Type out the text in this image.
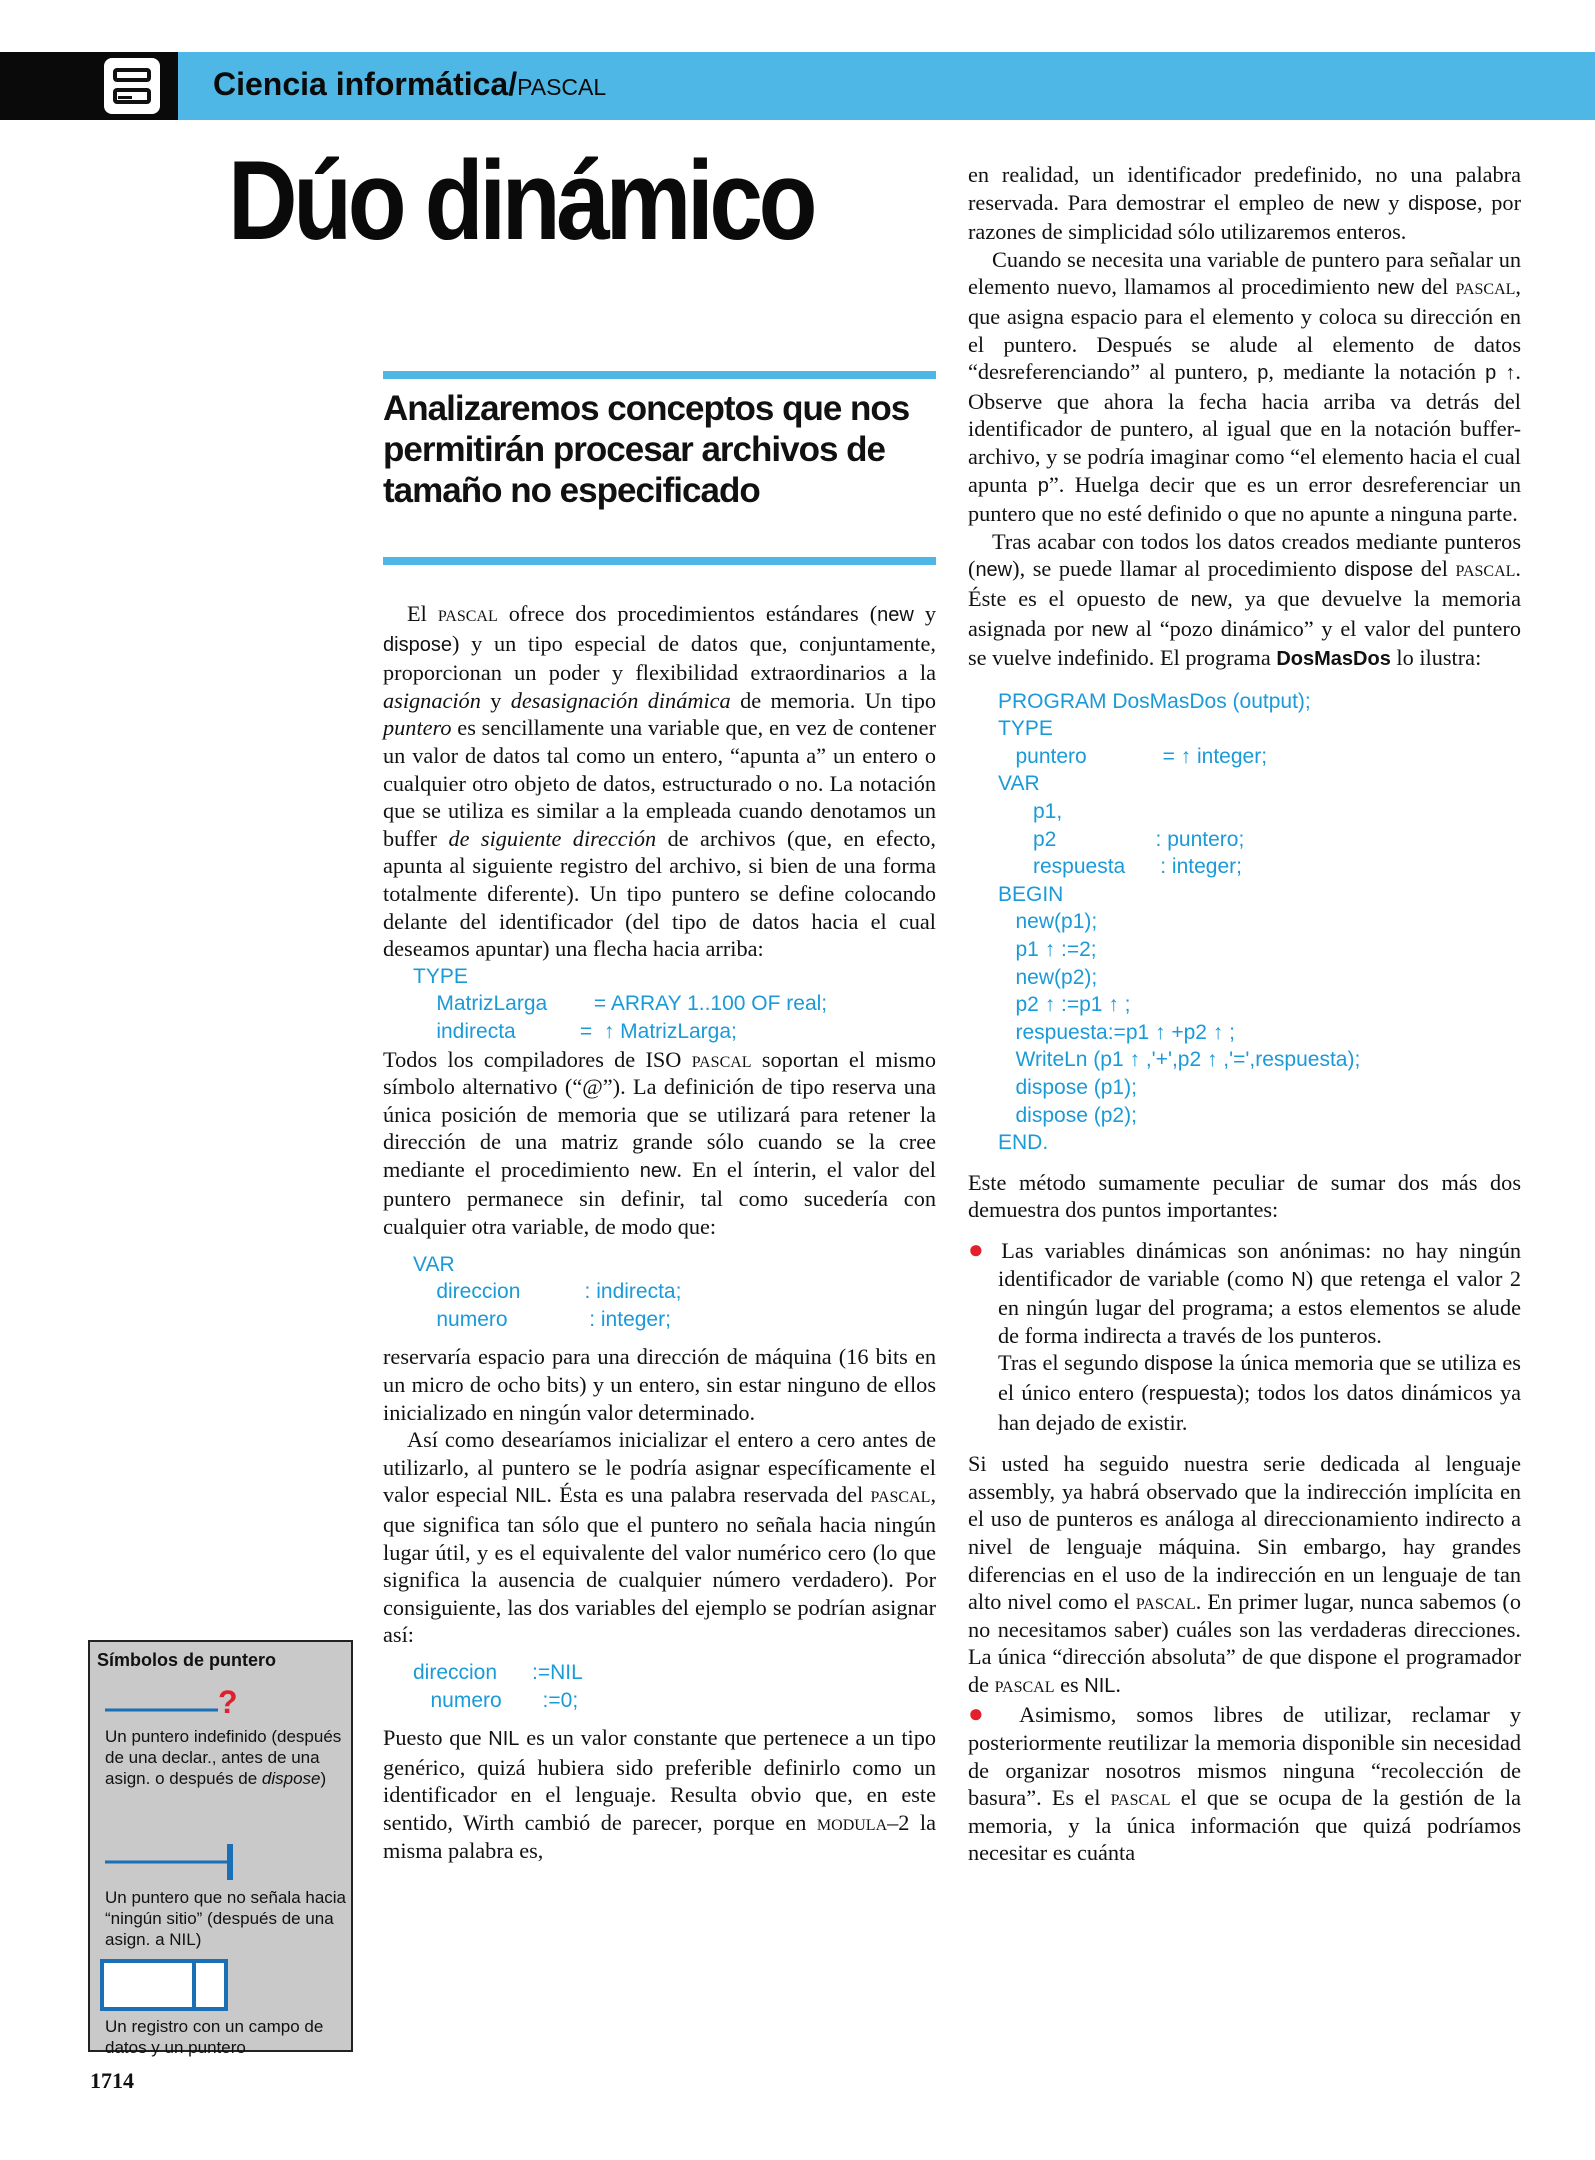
Ciencia informática/PASCAL
Dúo dinámico
Analizaremos conceptos que nos permitirán procesar archivos de tamaño no especificado

El pascal ofrece dos procedimientos estándares (new y dispose) y un tipo especial de datos que, conjuntamente, proporcionan un poder y flexibilidad extraordinarios a la asignación y desasignación dinámica de memoria. Un tipo puntero es sencillamente una variable que, en vez de contener un valor de datos tal como un entero, “apunta a” un entero o cualquier otro objeto de datos, estructurado o no. La notación que se utiliza es similar a la empleada cuando denotamos un buffer de siguiente dirección de archivos (que, en efecto, apunta al siguiente registro del archivo, si bien de una forma totalmente diferente). Un tipo puntero se define colocando delante del identificador (del tipo de datos hacia el cual deseamos apuntar) una flecha hacia arriba:

TYPE
MatrizLarga        = ARRAY 1..100 OF real;
indirecta           =  ↑ MatrizLarga;

Todos los compiladores de ISO pascal soportan el mismo símbolo alternativo (“@”). La definición de tipo reserva una única posición de memoria que se utilizará para retener la dirección de una matriz grande sólo cuando se la cree mediante el procedimiento new. En el ínterin, el valor del puntero permanece sin definir, tal como sucedería con cualquier otra variable, de modo que:

VAR
direccion           : indirecta;
numero              : integer;

reservaría espacio para una dirección de máquina (16 bits en un micro de ocho bits) y un entero, sin estar ninguno de ellos inicializado en ningún valor determinado.

Así como desearíamos inicializar el entero a cero antes de utilizarlo, al puntero se le podría asignar específicamente el valor especial NIL. Ésta es una palabra reservada del pascal, que significa tan sólo que el puntero no señala hacia ningún lugar útil, y es el equivalente del valor numérico cero (lo que significa la ausencia de cualquier número verdadero). Por consiguiente, las dos variables del ejemplo se podrían asignar así:

direccion      :=NIL
numero       :=0;

Puesto que NIL es un valor constante que pertenece a un tipo genérico, quizá hubiera sido preferible definirlo como un identificador en el lenguaje. Resulta obvio que, en este sentido, Wirth cambió de parecer, porque en modula–2 la misma palabra es,

en realidad, un identificador predefinido, no una palabra reservada. Para demostrar el empleo de new y dispose, por razones de simplicidad sólo utilizaremos enteros.

Cuando se necesita una variable de puntero para señalar un elemento nuevo, llamamos al procedimiento new del pascal, que asigna espacio para el elemento y coloca su dirección en el puntero. Después se alude al elemento de datos “desreferenciando” al puntero, p, mediante la notación p ↑. Observe que ahora la fecha hacia arriba va detrás del identificador de puntero, al igual que en la notación buffer-archivo, y se podría imaginar como “el elemento hacia el cual apunta p”. Huelga decir que es un error desreferenciar un puntero que no esté definido o que no apunte a ninguna parte.

Tras acabar con todos los datos creados mediante punteros (new), se puede llamar al procedimiento dispose del pascal. Éste es el opuesto de new, ya que devuelve la memoria asignada por new al “pozo dinámico” y el valor del puntero se vuelve indefinido. El programa DosMasDos lo ilustra:

PROGRAM DosMasDos (output);
TYPE
puntero             = ↑ integer;
VAR
p1,
p2                 : puntero;
respuesta      : integer;
BEGIN
new(p1);
p1 ↑ :=2;
new(p2);
p2 ↑ :=p1 ↑ ;
respuesta:=p1 ↑ +p2 ↑ ;
WriteLn (p1 ↑ ,'+',p2 ↑ ,'=',respuesta);
dispose (p1);
dispose (p2);
END.

Este método sumamente peculiar de sumar dos más dos demuestra dos puntos importantes:

● Las variables dinámicas son anónimas: no hay ningún identificador de variable (como N) que retenga el valor 2 en ningún lugar del programa; a estos elementos se alude de forma indirecta a través de los punteros.

Tras el segundo dispose la única memoria que se utiliza es el único entero (respuesta); todos los datos dinámicos ya han dejado de existir.

Si usted ha seguido nuestra serie dedicada al lenguaje assembly, ya habrá observado que la indirección implícita en el uso de punteros es análoga al direccionamiento indirecto a nivel de lenguaje máquina. Sin embargo, hay grandes diferencias en el uso de la indirección en un lenguaje de tan alto nivel como el pascal. En primer lugar, nunca sabemos (o no necesitamos saber) cuáles son las verdaderas direcciones. La única “dirección absoluta” de que dispone el programador de pascal es NIL.

● Asimismo, somos libres de utilizar, reclamar y posteriormente reutilizar la memoria disponible sin necesidad de organizar nosotros mismos ninguna “recolección de basura”. Es el pascal el que se ocupa de la gestión de la memoria, y la única información que quizá podríamos necesitar es cuánta

Símbolos de puntero
?
Un puntero indefinido (después de una declar., antes de una asign. o después de dispose)
Un puntero que no señala hacia “ningún sitio” (después de una asign. a NIL)
Un registro con un campo de datos y un puntero
1714
